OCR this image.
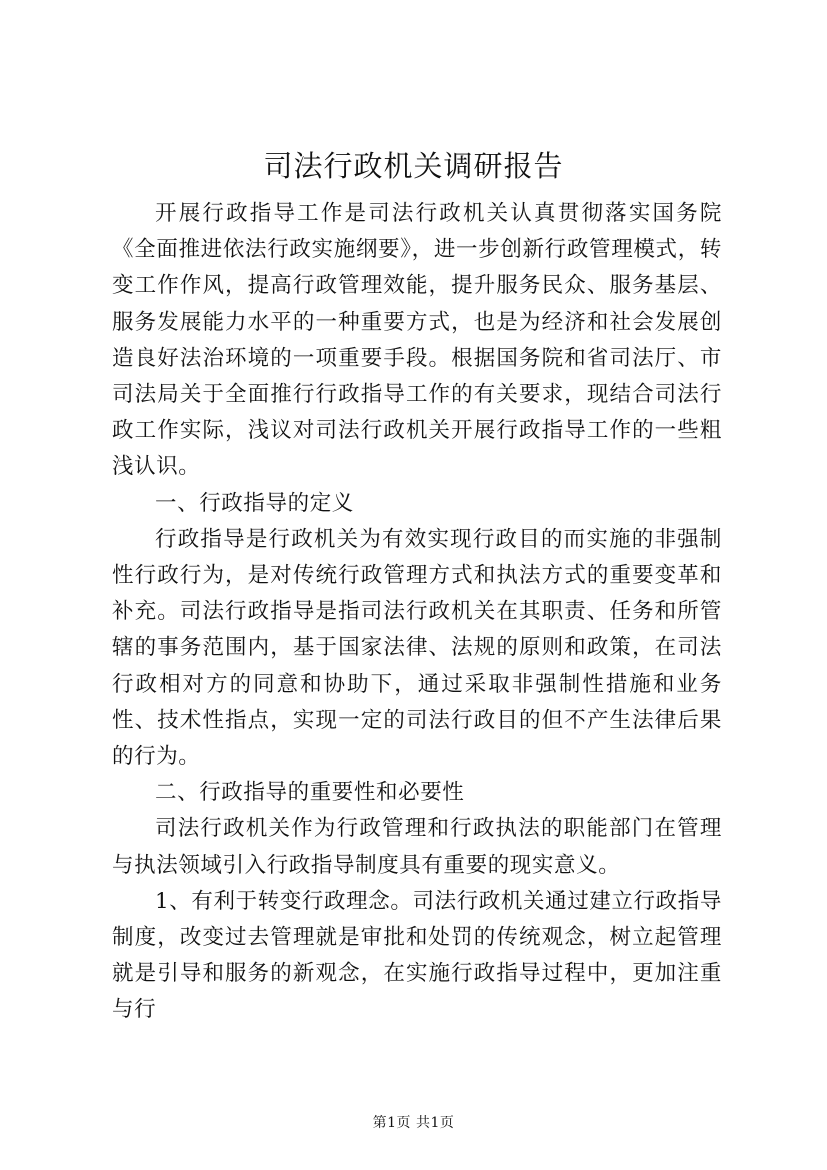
司法行政机关调研报告

开展行政指导工作是司法行政机关认真贯彻落实国务院《全面推进依法行政实施纲要》，进一步创新行政管理模式，转变工作作风，提高行政管理效能，提升服务民众、服务基层、服务发展能力水平的一种重要方式，也是为经济和社会发展创造良好法治环境的一项重要手段。根据国务院和省司法厅、市司法局关于全面推行行政指导工作的有关要求，现结合司法行政工作实际，浅议对司法行政机关开展行政指导工作的一些粗浅认识。

一、行政指导的定义

行政指导是行政机关为有效实现行政目的而实施的非强制性行政行为，是对传统行政管理方式和执法方式的重要变革和补充。司法行政指导是指司法行政机关在其职责、任务和所管辖的事务范围内，基于国家法律、法规的原则和政策，在司法行政相对方的同意和协助下，通过采取非强制性措施和业务性、技术性指点，实现一定的司法行政目的但不产生法律后果的行为。

二、行政指导的重要性和必要性

司法行政机关作为行政管理和行政执法的职能部门在管理与执法领域引入行政指导制度具有重要的现实意义。

1、有利于转变行政理念。司法行政机关通过建立行政指导制度，改变过去管理就是审批和处罚的传统观念，树立起管理就是引导和服务的新观念，在实施行政指导过程中，更加注重与行

第1页 共1页
